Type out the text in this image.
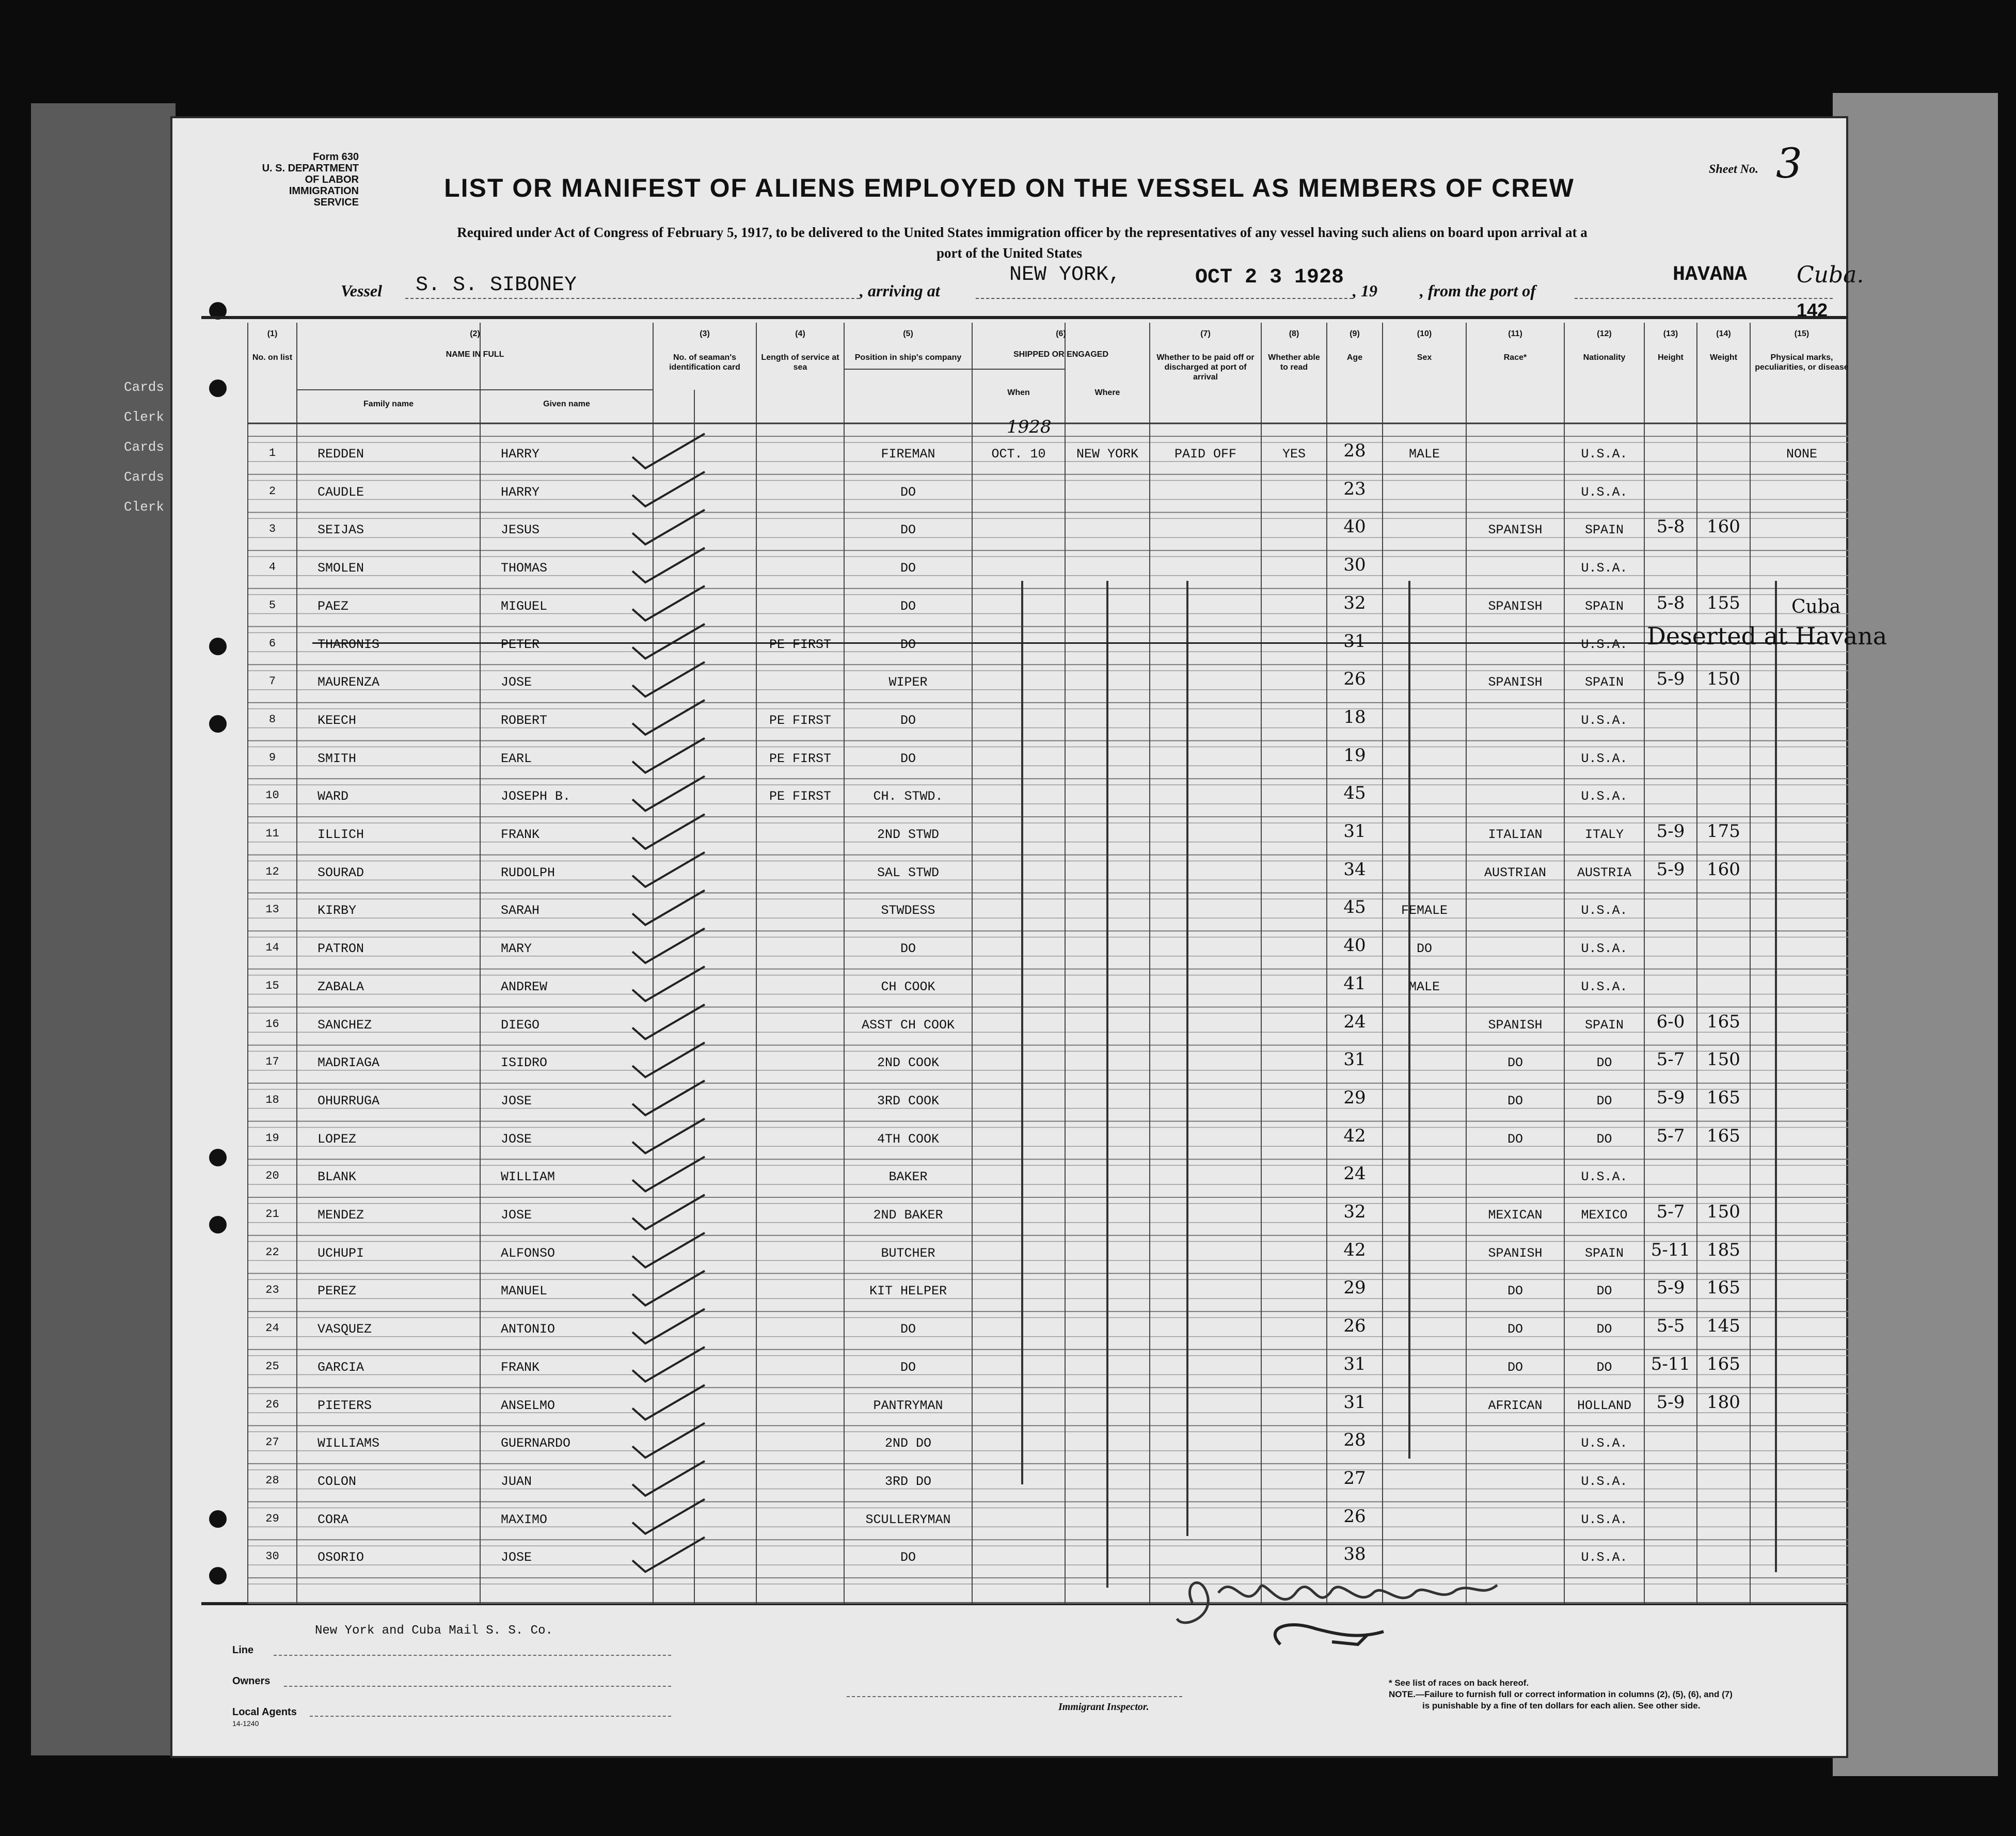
Cards
Clerk
Cards
Cards
Clerk
Form 630
U. S. DEPARTMENT OF LABOR
IMMIGRATION SERVICE	LIST OR MANIFEST OF ALIENS EMPLOYED ON THE VESSEL AS MEMBERS OF CREW
Required under Act of Congress of February 5, 1917, to be delivered to the United States immigration officer by the representatives of any vessel having such aliens on board upon arrival at a
port of the United States
Sheet No. 3
142
Vessel S. S. SIBONEY	, arriving at
NEW YORK,	OCT 2 3 1928
, 19	, from the port of
HAVANA Cuba.
(1)
No. on list
(2)
NAME IN FULL
(3)
No. of seaman's identification card
(4)
Length of service at sea
(5)
Position in ship's company
(6)
SHIPPED OR ENGAGED
(7)
Whether to be paid off or discharged at port of arrival
(8)
Whether able to read
(9)
Age
(10)
Sex
(11)
Race*
(12)
Nationality
(13)
Height
(14)
Weight
(15)
Physical marks, peculiarities, or disease
Family name	Given name
When	Where
1	REDDEN	HARRY	FIREMAN	OCT. 10	NEW YORK	PAID OFF	YES	28	MALE	U.S.A.	NONE
2	CAUDLE	HARRY	DO	23	U.S.A.
3	SEIJAS	JESUS	DO	40	SPANISH	SPAIN	5-8	160
4	SMOLEN	THOMAS	DO	30	U.S.A.
5	PAEZ	MIGUEL	DO	32	SPANISH	SPAIN	5-8	155
6	THARONIS	PETER	PE FIRST	DO	31	U.S.A.
7	MAURENZA	JOSE	WIPER	26	SPANISH	SPAIN	5-9	150
8	KEECH	ROBERT	PE FIRST	DO	18	U.S.A.
9	SMITH	EARL	PE FIRST	DO	19	U.S.A.
10	WARD	JOSEPH B.	PE FIRST	CH. STWD.	45	U.S.A.
11	ILLICH	FRANK	2ND STWD	31	ITALIAN	ITALY	5-9	175
12	SOURAD	RUDOLPH	SAL STWD	34	AUSTRIAN	AUSTRIA	5-9	160
13	KIRBY	SARAH	STWDESS	45	FEMALE	U.S.A.
14	PATRON	MARY	DO	40	DO	U.S.A.
15	ZABALA	ANDREW	CH COOK	41	MALE	U.S.A.
16	SANCHEZ	DIEGO	ASST CH COOK	24	SPANISH	SPAIN	6-0	165
17	MADRIAGA	ISIDRO	2ND COOK	31	DO	DO	5-7	150
18	OHURRUGA	JOSE	3RD COOK	29	DO	DO	5-9	165
19	LOPEZ	JOSE	4TH COOK	42	DO	DO	5-7	165
20	BLANK	WILLIAM	BAKER	24	U.S.A.
21	MENDEZ	JOSE	2ND BAKER	32	MEXICAN	MEXICO	5-7	150
22	UCHUPI	ALFONSO	BUTCHER	42	SPANISH	SPAIN	5-11 185
23	PEREZ	MANUEL	KIT HELPER	29	DO	DO	5-9	165
24	VASQUEZ	ANTONIO	DO	26	DO	DO	5-5	145
25	GARCIA	FRANK	DO	31	DO	DO	5-11 165
26	PIETERS	ANSELMO	PANTRYMAN	31	AFRICAN	HOLLAND	5-9	180
27	WILLIAMS	GUERNARDO	2ND DO	28	U.S.A.
28	COLON	JUAN	3RD DO	27	U.S.A.
29	CORA	MAXIMO	SCULLERYMAN	26	U.S.A.
30	OSORIO	JOSE	DO	38	U.S.A.
1928
Deserted at Havana
Cuba
New York and Cuba Mail S. S. Co.
Line
Owners
Local Agents
14-1240
Immigrant Inspector.
* See list of races on back hereof.
NOTE.—Failure to furnish full or correct information in columns (2), (5), (6), and (7)
is punishable by a fine of ten dollars for each alien. See other side.
